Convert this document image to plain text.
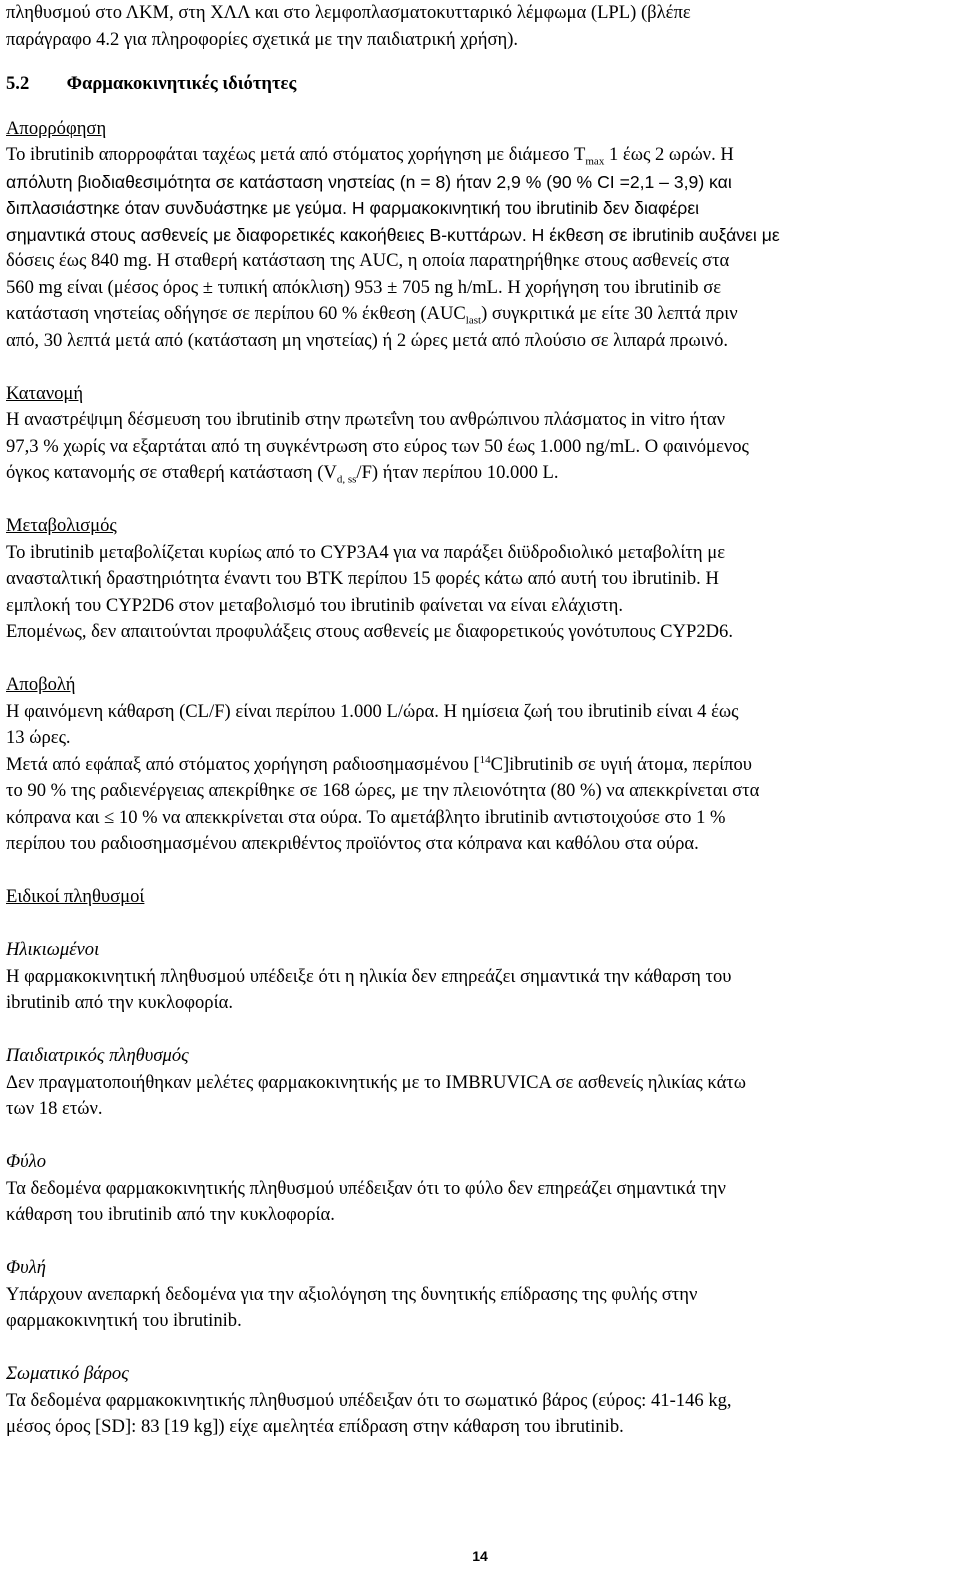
πληθυσμού στο ΛΚΜ, στη ΧΛΛ και στο λεμφοπλασματοκυτταρικό λέμφωμα (LPL) (βλέπε

παράγραφο 4.2 για πληροφορίες σχετικά με την παιδιατρική χρήση).

5.2 Φαρμακοκινητικές ιδιότητες

Απορρόφηση

Το ibrutinib απορροφάται ταχέως μετά από στόματος χορήγηση με διάμεσο $T_{max}$ 1 έως 2 ωρών. Η

απόλυτη βιοδιαθεσιμότητα σε κατάσταση νηστείας (n = 8) ήταν 2,9 % (90 % CI =2,1 – 3,9) και

διπλασιάστηκε όταν συνδυάστηκε με γεύμα. Η φαρμακοκινητική του ibrutinib δεν διαφέρει

σημαντικά στους ασθενείς με διαφορετικές κακοήθειες B-κυττάρων. Η έκθεση σε ibrutinib αυξάνει με

δόσεις έως 840 mg. Η σταθερή κατάσταση της AUC, η οποία παρατηρήθηκε στους ασθενείς στα

560 mg είναι (μέσος όρος ± τυπική απόκλιση) 953 ± 705 ng h/mL. Η χορήγηση του ibrutinib σε

κατάσταση νηστείας οδήγησε σε περίπου 60 % έκθεση $(AUC_{last})$ συγκριτικά με είτε 30 λεπτά πριν

από, 30 λεπτά μετά από (κατάσταση μη νηστείας) ή 2 ώρες μετά από πλούσιο σε λιπαρά πρωινό.

Κατανομή

Η αναστρέψιμη δέσμευση του ibrutinib στην πρωτεΐνη του ανθρώπινου πλάσματος in vitro ήταν

97,3 % χωρίς να εξαρτάται από τη συγκέντρωση στο εύρος των 50 έως 1.000 ng/mL. Ο φαινόμενος

όγκος κατανομής σε σταθερή κατάσταση $(V_{d, ss}/F)$ ήταν περίπου 10.000 L.

Μεταβολισμός

Το ibrutinib μεταβολίζεται κυρίως από το CYP3A4 για να παράξει διϋδροδιολικό μεταβολίτη με

ανασταλτική δραστηριότητα έναντι του BTK περίπου 15 φορές κάτω από αυτή του ibrutinib. Η

εμπλοκή του CYP2D6 στον μεταβολισμό του ibrutinib φαίνεται να είναι ελάχιστη.

Επομένως, δεν απαιτούνται προφυλάξεις στους ασθενείς με διαφορετικούς γονότυπους CYP2D6.

Αποβολή

Η φαινόμενη κάθαρση (CL/F) είναι περίπου 1.000 L/ώρα. Η ημίσεια ζωή του ibrutinib είναι 4 έως

13 ώρες.

Μετά από εφάπαξ από στόματος χορήγηση ραδιοσημασμένου [$^{14}$C]ibrutinib σε υγιή άτομα, περίπου

το 90 % της ραδιενέργειας απεκρίθηκε σε 168 ώρες, με την πλειονότητα (80 %) να απεκκρίνεται στα

κόπρανα και ≤ 10 % να απεκκρίνεται στα ούρα. Το αμετάβλητο ibrutinib αντιστοιχούσε στο 1 %

περίπου του ραδιοσημασμένου απεκριθέντος προϊόντος στα κόπρανα και καθόλου στα ούρα.

Ειδικοί πληθυσμοί

Ηλικιωμένοι

Η φαρμακοκινητική πληθυσμού υπέδειξε ότι η ηλικία δεν επηρεάζει σημαντικά την κάθαρση του

ibrutinib από την κυκλοφορία.

Παιδιατρικός πληθυσμός

Δεν πραγματοποιήθηκαν μελέτες φαρμακοκινητικής με το IMBRUVICA σε ασθενείς ηλικίας κάτω

των 18 ετών.

Φύλο

Τα δεδομένα φαρμακοκινητικής πληθυσμού υπέδειξαν ότι το φύλο δεν επηρεάζει σημαντικά την

κάθαρση του ibrutinib από την κυκλοφορία.

Φυλή

Υπάρχουν ανεπαρκή δεδομένα για την αξιολόγηση της δυνητικής επίδρασης της φυλής στην

φαρμακοκινητική του ibrutinib.

Σωματικό βάρος

Τα δεδομένα φαρμακοκινητικής πληθυσμού υπέδειξαν ότι το σωματικό βάρος (εύρος: 41-146 kg,

μέσος όρος [SD]: 83 [19 kg]) είχε αμελητέα επίδραση στην κάθαρση του ibrutinib.

14
